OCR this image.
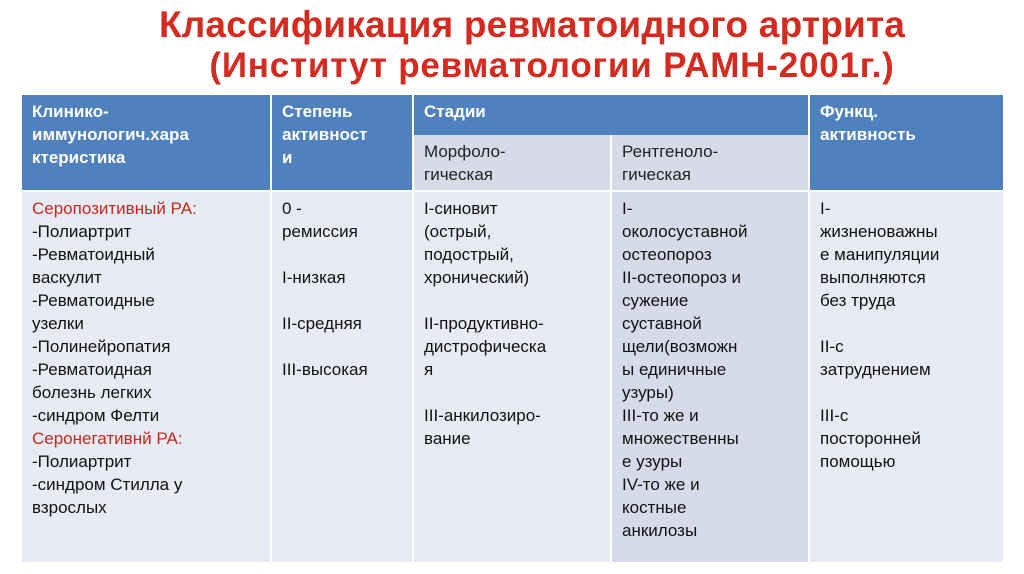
Классификация ревматоидного артрита
(Институт ревматологии РАМН-2001г.)
Клинико-
иммунологич.хара
ктеристика
Степень
активност
и
Стадии	Функц.
активность
Морфоло-
гическая
Рентгеноло-
гическая
Серопозитивный РА:
-Полиартрит
-Ревматоидный
васкулит
-Ревматоидные
узелки
-Полинейропатия
-Ревматоидная
болезнь легких
-синдром Фелти
Серонегативнй РА:
-Полиартрит
-синдром Стилла у
взрослых
0 -
ремиссия
I-низкая
II-средняя
III-высокая
I-синовит
(острый,
подострый,
хронический)
II-продуктивно-
дистрофическа
я
III-анкилозиро-
вание
I-
околосуставной
остеопороз
II-остеопороз и
сужение
суставной
щели(возможн
ы единичные
узуры)
III-то же и
множественны
е узуры
IV-то же и
костные
анкилозы
I-
жизненоважны
е манипуляции
выполняются
без труда
II-с
затруднением
III-с
посторонней
помощью
